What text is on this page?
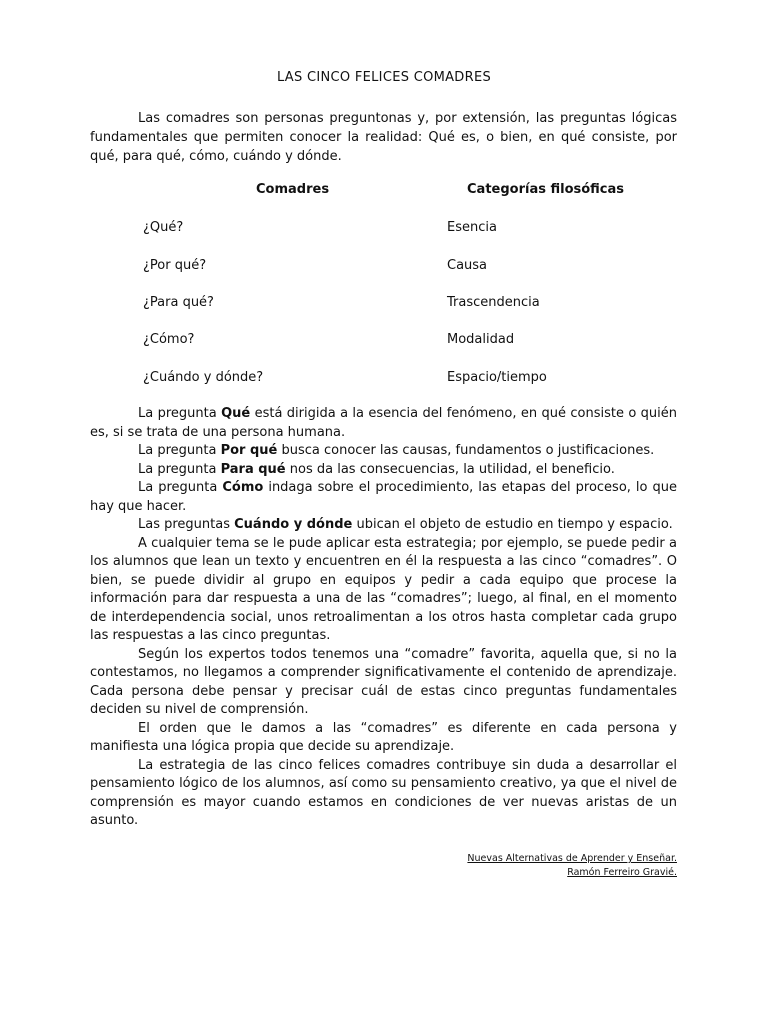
LAS CINCO FELICES COMADRES

Las comadres son personas preguntonas y, por extensión, las preguntas lógicas fundamentales que permiten conocer la realidad: Qué es, o bien, en qué consiste, por qué, para qué, cómo, cuándo y dónde.

Comadres	Categorías filosóficas
¿Qué?	Esencia
¿Por qué?	Causa
¿Para qué?	Trascendencia
¿Cómo?	Modalidad
¿Cuándo y dónde?	Espacio/tiempo

La pregunta Qué está dirigida a la esencia del fenómeno, en qué consiste o quién es, si se trata de una persona humana.

La pregunta Por qué busca conocer las causas, fundamentos o justificaciones.

La pregunta Para qué nos da las consecuencias, la utilidad, el beneficio.

La pregunta Cómo indaga sobre el procedimiento, las etapas del proceso, lo que hay que hacer.

Las preguntas Cuándo y dónde ubican el objeto de estudio en tiempo y espacio.

A cualquier tema se le pude aplicar esta estrategia; por ejemplo, se puede pedir a los alumnos que lean un texto y encuentren en él la respuesta a las cinco “comadres”. O bien, se puede dividir al grupo en equipos y pedir a cada equipo que procese la información para dar respuesta a una de las “comadres”; luego, al final, en el momento de interdependencia social, unos retroalimentan a los otros hasta completar cada grupo las respuestas a las cinco preguntas.

Según los expertos todos tenemos una “comadre” favorita, aquella que, si no la contestamos, no llegamos a comprender significativamente el contenido de aprendizaje. Cada persona debe pensar y precisar cuál de estas cinco preguntas fundamentales deciden su nivel de comprensión.

El orden que le damos a las “comadres” es diferente en cada persona y manifiesta una lógica propia que decide su aprendizaje.

La estrategia de las cinco felices comadres contribuye sin duda a desarrollar el pensamiento lógico de los alumnos, así como su pensamiento creativo, ya que el nivel de comprensión es mayor cuando estamos en condiciones de ver nuevas aristas de un asunto.

Nuevas Alternativas de Aprender y Enseñar.
Ramón Ferreiro Gravié.
